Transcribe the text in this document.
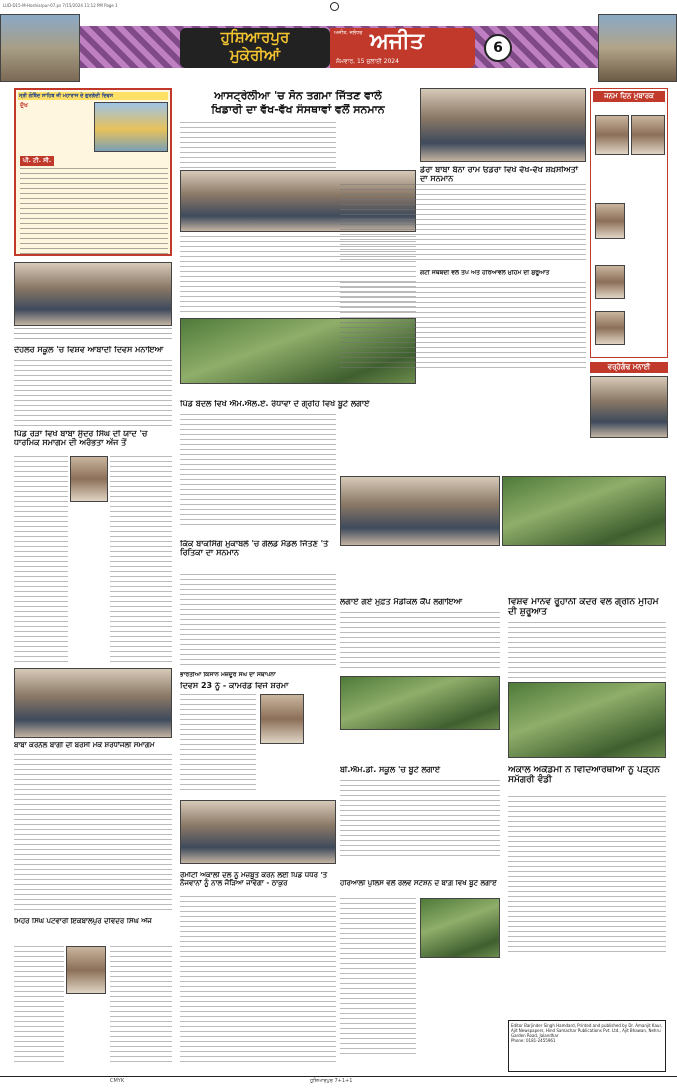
LUD-D15-M-Hoshiarpur-07.ps 7/15/2024 11:12 PM Page 1
ਹੁਸ਼ਿਆਰਪੁਰ
ਮੁਕੇਰੀਆਂ
ਅਜੀਤ, ਜਲੰਧਰ ਅਜੀਤ
ਸੋਮਵਾਰ, 15 ਜੁਲਾਈ 2024
6
ਸ੍ਰੀ ਗੋਬਿੰਦ ਸਾਹਿਬ ਜੀ ਮਹਾਰਾਜ ਦੇ ਗੁਰਗੱਦੀ ਦਿਵਸ
ਦੁੱਖ
ਪੀ. ਟੀ. ਸੀ.
ਦੋਹਲਰ ਸਕੂਲ 'ਚ ਵਿਸ਼ਵ ਆਬਾਦੀ ਦਿਵਸ ਮਨਾਇਆ
ਪਿੰਡ ਰੜਾ ਵਿਖੇ ਬਾਬਾ ਸੁੰਦਰ ਸਿੰਘ ਦੀ ਯਾਦ 'ਚ ਧਾਰਮਿਕ ਸਮਾਗਮ ਦੀ ਅਰੰਭਤਾ ਅੱਜ ਤੋਂ
ਬਾਬਾ ਕਰਨੈਲ ਬਾਗੀ ਦੀ ਬਰਸੀ ਮੌਕੇ ਸ਼ਰਧਾਂਜਲੀ ਸਮਾਗਮ
ਮਿਹਰ ਸਿੰਘ ਪਟਵਾਰੀ ਇਕਬਾਲਪੁਰ ਦਵਿੰਦਰ ਸਿੰਘ ਅੱਜ
ਆਸਟ੍ਰੇਲੀਆ 'ਚ ਸੋਨ ਤਗਮਾ ਜਿੱਤਣ ਵਾਲੇ
ਖਿਡਾਰੀ ਦਾ ਵੱਖ-ਵੱਖ ਸੰਸਥਾਵਾਂ ਵਲੋਂ ਸਨਮਾਨ
ਪਿੰਡ ਬੋਦਲ ਵਿਖੇ ਐਮ.ਐਲ.ਏ. ਰੰਧਾਵਾ ਦੇ ਗ੍ਰਹਿ ਵਿਖੇ ਬੂਟੇ ਲਗਾਏ
ਕਿੱਕ ਬਾਕਸਿੰਗ ਮੁਕਾਬਲੇ 'ਚ ਗੋਲਡ ਮੈਡਲ ਜਿੱਤਣ 'ਤੇ ਰਿਤਿਕਾ ਦਾ ਸਨਮਾਨ
ਭਾਰਤੀਆ ਕਿਸਾਨ ਮਜ਼ਦੂਰ ਸੰਘ ਦਾ ਸਥਾਪਨਾ
ਦਿਵਸ 23 ਨੂੰ - ਕਾਮਰੇਡ ਵਿਜੇ ਸ਼ਰਮਾ
ਰੋਮੀਟੀ ਅਕਾਲੀ ਦਲ ਨੂੰ ਮਜ਼ਬੂਤ ਕਰਨ ਲਈ ਪਿੰਡ ਪੱਧਰ 'ਤੇ ਨੌਜਵਾਨਾਂ ਨੂੰ ਨਾਲ ਜੋੜਿਆ ਜਾਵੇਗਾ - ਠਾਕੁਰ
ਡੇਰਾ ਬਾਬਾ ਬੰਨਾ ਰਾਮ ਓਡਰਾ ਵਿਖੇ ਵੱਖ-ਵੱਖ ਸ਼ਖ਼ਸੀਅਤਾਂ ਦਾ ਸਨਮਾਨ
ਗੇਟੀ ਜਥੇਬੰਦੀ ਵਲੋਂ ਤਪੋ ਅਤੇ ਹਰਿਆਵਲ ਮੁਹਿੰਮ ਦੀ ਸ਼ੁਰੂਆਤ
ਲਗਾਏ ਗਏ ਮੁਫ਼ਤ ਮੈਡੀਕਲ ਕੈਂਪ ਲਗਾਇਆ	ਵਿਸ਼ਵ ਮਾਨਵ ਰੂਹਾਨੀ ਕੇਂਦਰ ਵਲੋਂ ਗ੍ਰੀਨ ਮੁਹਿੰਮ ਦੀ ਸ਼ੁਰੂਆਤ
ਬੀ.ਐਮ.ਡੀ. ਸਕੂਲ 'ਚ ਬੂਟੇ ਲਗਾਏ	ਅਕਾਲ ਅਕੈਡਮੀ ਨੇ ਵਿਦਿਆਰਥੀਆਂ ਨੂੰ ਪੜ੍ਹਨ ਸਮੱਗਰੀ ਵੰਡੀ
ਹਰਿਆਲੀ ਪੁਲਿਸ ਵਲੋਂ ਰੇਲਵੇ ਸਟੇਸ਼ਨ ਦੇ ਬਾਗ਼ ਵਿਖੇ ਬੂਟੇ ਲਗਾਏ
ਜਨਮ ਦਿਨ ਮੁਬਾਰਕ
ਵਰ੍ਹੇਗੰਢ ਮਨਾਈ
Editor Barjinder Singh Hamdard, Printed and published by Dr. Amanjit Kaur, Ajit Newspapers, Hind Samachar Publications Pvt. Ltd., Ajit Bhawan, Nehru Garden Road, Jalandhar
Phone: 0181-2455961
CMYK	ਹੁਸ਼ਿਆਰਪੁਰ 7+1+1
